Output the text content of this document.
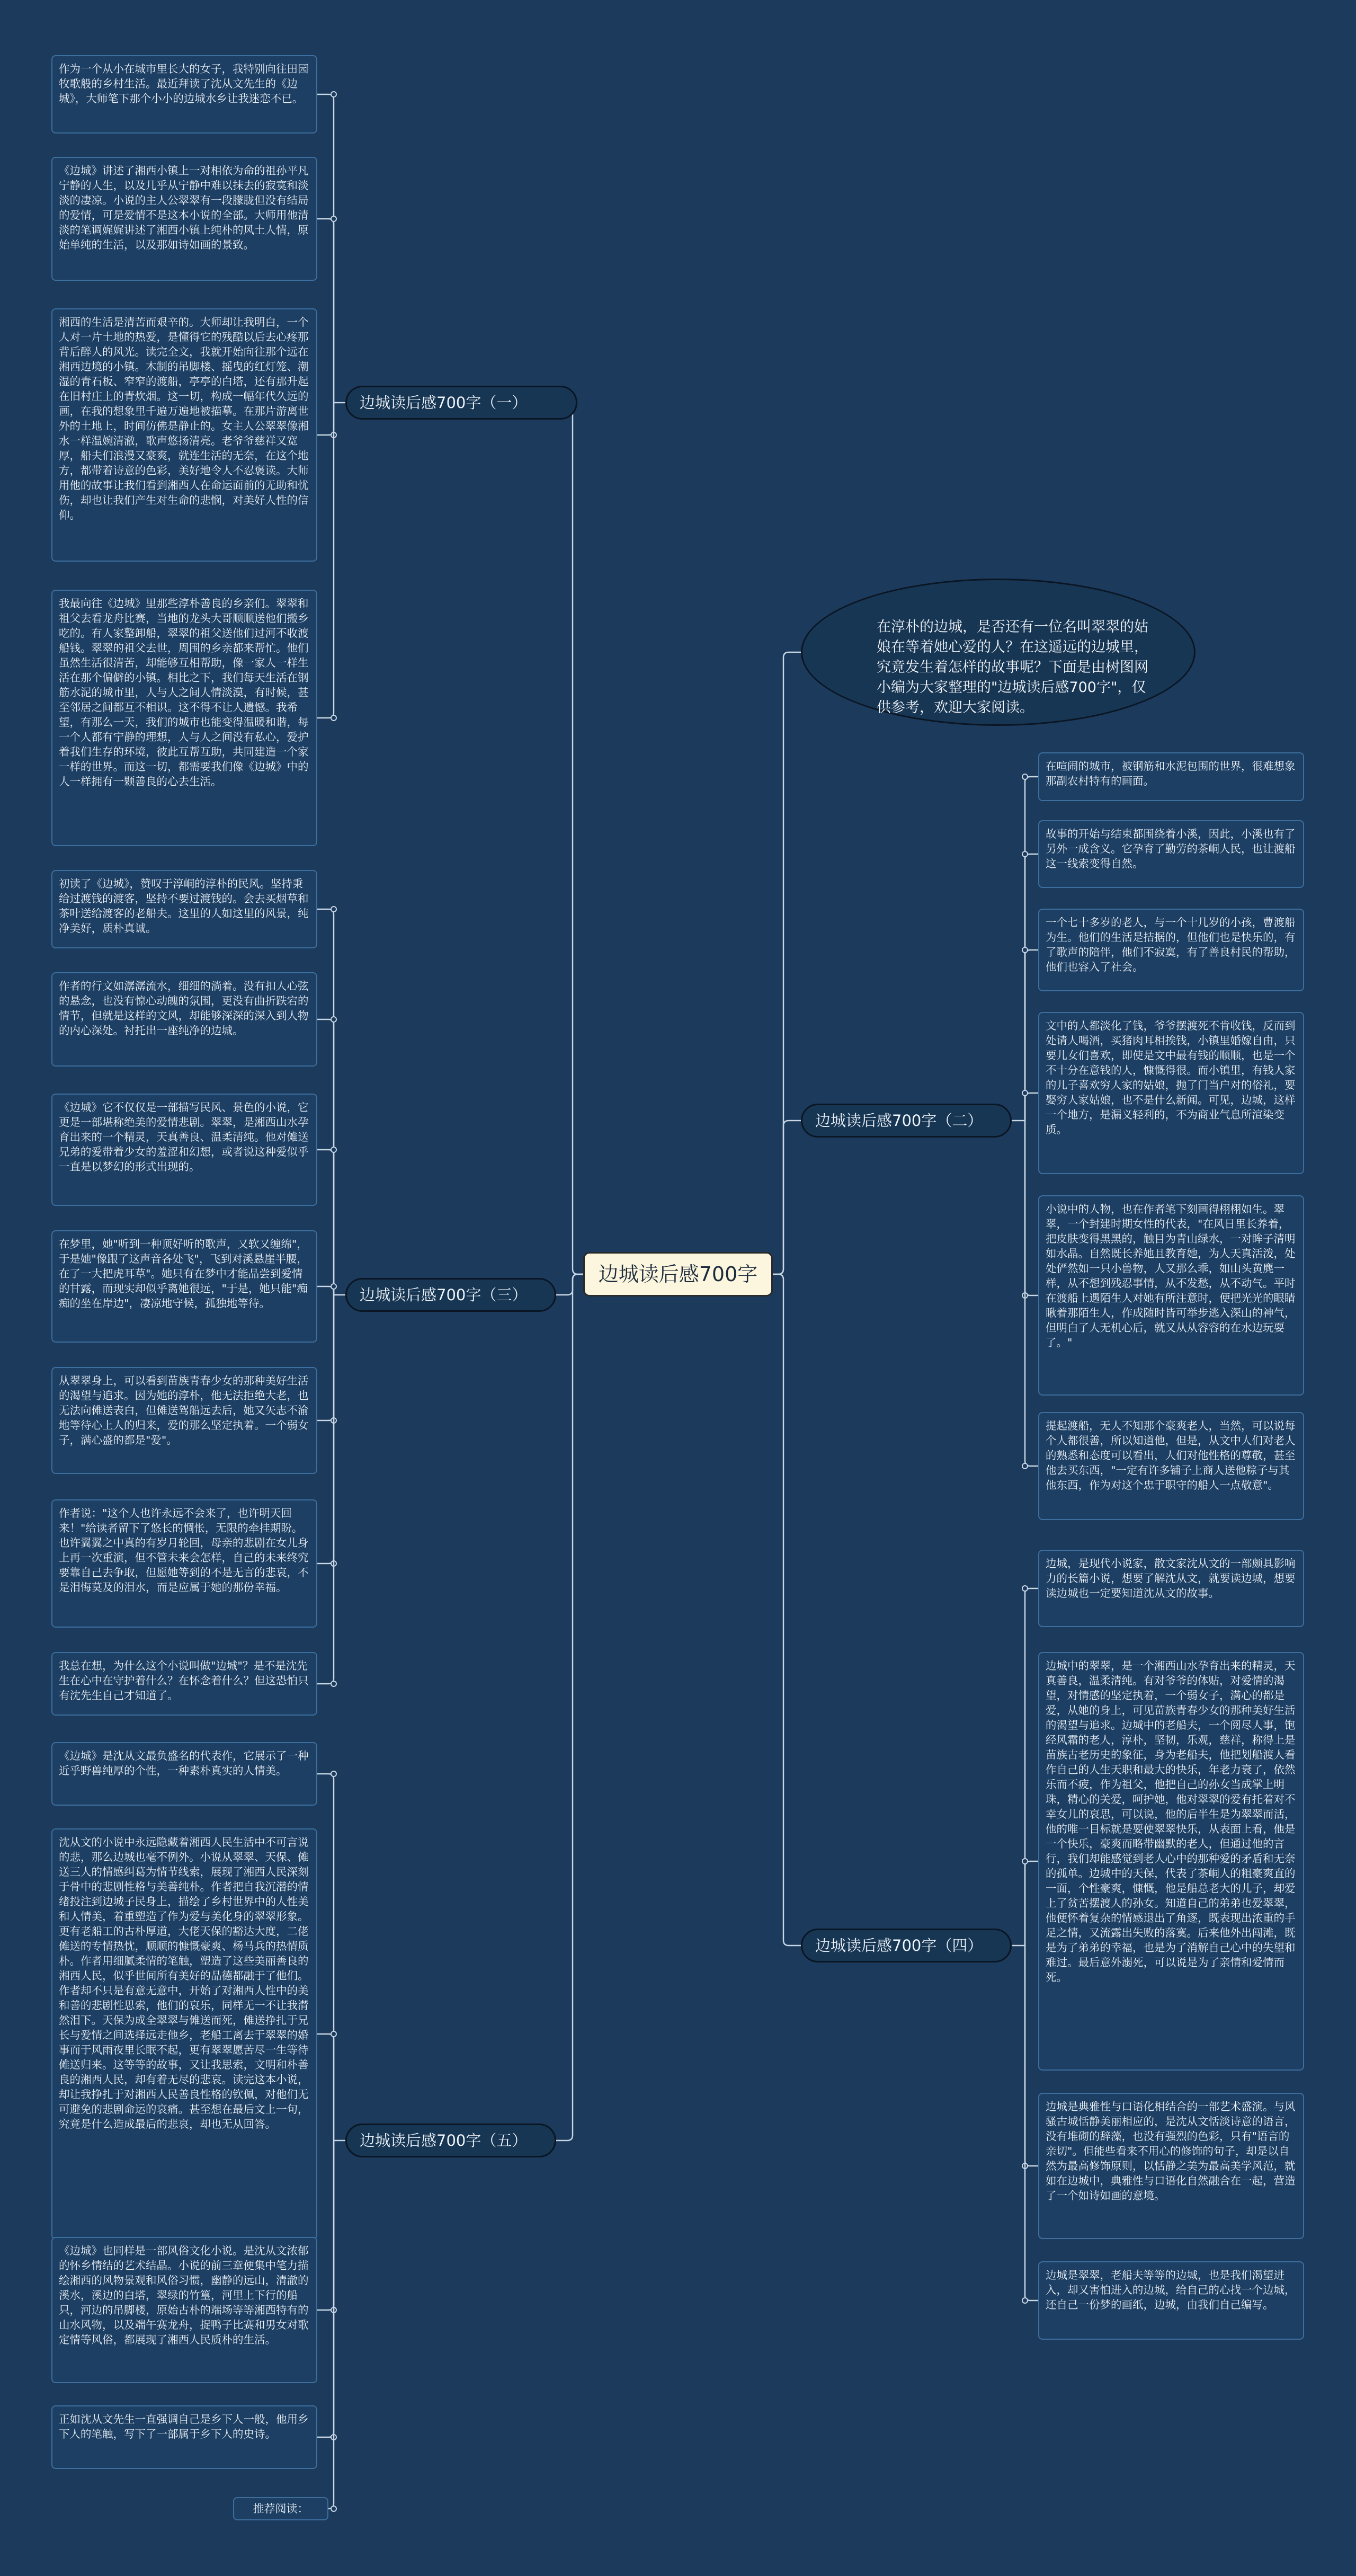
边城读后感700字
在淳朴的边城，是否还有一位名叫翠翠的姑娘在等着她心爱的人？在这遥远的边城里，究竟发生着怎样的故事呢？下面是由树图网小编为大家整理的"边城读后感700字"，仅供参考，欢迎大家阅读。
边城读后感700字（一）
边城读后感700字（二）
边城读后感700字（三）
边城读后感700字（四）
边城读后感700字（五）
作为一个从小在城市里长大的女子，我特别向往田园牧歌般的乡村生活。最近拜读了沈从文先生的《边城》，大师笔下那个小小的边城水乡让我迷恋不已。
《边城》讲述了湘西小镇上一对相依为命的祖孙平凡宁静的人生，以及几乎从宁静中难以抹去的寂寞和淡淡的凄凉。小说的主人公翠翠有一段朦胧但没有结局的爱情，可是爱情不是这本小说的全部。大师用他清淡的笔调娓娓讲述了湘西小镇上纯朴的风土人情，原始单纯的生活，以及那如诗如画的景致。
湘西的生活是清苦而艰辛的。大师却让我明白，一个人对一片土地的热爱，是懂得它的残酷以后去心疼那背后醉人的风光。读完全文，我就开始向往那个远在湘西边境的小镇。木制的吊脚楼、摇曳的红灯笼、潮湿的青石板、窄窄的渡船，亭亭的白塔，还有那升起在旧村庄上的青炊烟。这一切，构成一幅年代久远的画，在我的想象里千遍万遍地被描摹。在那片游离世外的土地上，时间仿佛是静止的。女主人公翠翠像湘水一样温婉清澈，歌声悠扬清亮。老爷爷慈祥又宽厚，船夫们浪漫又豪爽，就连生活的无奈，在这个地方，都带着诗意的色彩，美好地令人不忍褒读。大师用他的故事让我们看到湘西人在命运面前的无助和忧伤，却也让我们产生对生命的悲悯，对美好人性的信仰。
我最向往《边城》里那些淳朴善良的乡亲们。翠翠和祖父去看龙舟比赛，当地的龙头大哥顺顺送他们搬乡吃的。有人家整卸船，翠翠的祖父送他们过河不收渡船钱。翠翠的祖父去世，周围的乡亲都来帮忙。他们虽然生活很清苦，却能够互相帮助，像一家人一样生活在那个偏僻的小镇。相比之下，我们每天生活在钢筋水泥的城市里，人与人之间人情淡漠，有时候，甚至邻居之间都互不相识。这不得不让人遗憾。我希望，有那么一天，我们的城市也能变得温暖和谐，每一个人都有宁静的理想，人与人之间没有私心，爱护着我们生存的环境，彼此互帮互助，共同建造一个家一样的世界。而这一切，都需要我们像《边城》中的人一样拥有一颗善良的心去生活。
初读了《边城》，赞叹于淳峒的淳朴的民风。坚持秉给过渡钱的渡客，坚持不要过渡钱的。会去买烟草和茶叶送给渡客的老船夫。这里的人如这里的风景，纯净美好，质朴真诚。
作者的行文如潺潺流水，细细的淌着。没有扣人心弦的悬念，也没有惊心动魄的氛围，更没有曲折跌宕的情节，但就是这样的文风，却能够深深的深入到人物的内心深处。衬托出一座纯净的边城。
《边城》它不仅仅是一部描写民风、景色的小说，它更是一部堪称绝美的爱情悲剧。翠翠，是湘西山水孕育出来的一个精灵，天真善良、温柔清纯。他对傩送兄弟的爱带着少女的羞涩和幻想，或者说这种爱似乎一直是以梦幻的形式出现的。
在梦里，她"听到一种顶好听的歌声，又软又缠绵"，于是她"像跟了这声音各处飞"，飞到对溪悬崖半腰，在了一大把虎耳草"。她只有在梦中才能品尝到爱情的甘露，而现实却似乎离她很远，"于是，她只能"痴痴的坐在岸边"，凄凉地守候，孤独地等待。
从翠翠身上，可以看到苗族青春少女的那种美好生活的渴望与追求。因为她的淳朴，他无法拒绝大老，也无法向傩送表白，但傩送驾船远去后，她又矢志不渝地等待心上人的归来，爱的那么坚定执着。一个弱女子，满心盛的都是"爱"。
作者说："这个人也许永远不会来了，也许明天回来！"给读者留下了悠长的惆怅，无限的牵挂期盼。也许翼翼之中真的有岁月轮回，母亲的悲剧在女儿身上再一次重演，但不管未来会怎样，自己的未来终究要靠自己去争取，但愿她等到的不是无言的悲哀，不是泪悔莫及的泪水，而是应属于她的那份幸福。
我总在想，为什么这个小说叫做"边城"？是不是沈先生在心中在守护着什么？在怀念着什么？但这恐怕只有沈先生自己才知道了。
《边城》是沈从文最负盛名的代表作，它展示了一种近乎野兽纯厚的个性，一种素朴真实的人情美。
沈从文的小说中永远隐藏着湘西人民生活中不可言说的悲，那么边城也毫不例外。小说从翠翠、天保、傩送三人的情感纠葛为情节线索，展现了湘西人民深刻于骨中的悲剧性格与美善纯朴。作者把自我沉潜的情绪投注到边城子民身上，描绘了乡村世界中的人性美和人情美，着重塑造了作为爱与美化身的翠翠形象。更有老船工的古朴厚道，大佬天保的豁达大度，二佬傩送的专情热忱，顺顺的慷慨豪爽、杨马兵的热情质朴。作者用细腻柔情的笔触，塑造了这些美丽善良的湘西人民，似乎世间所有美好的品德都融于了他们。作者却不只是有意无意中，开始了对湘西人性中的美和善的悲剧性思索，他们的哀乐，同样无一不让我潸然泪下。天保为成全翠翠与傩送而死，傩送挣扎于兄长与爱情之间选择远走他乡，老船工离去于翠翠的婚事而于风雨夜里长眠不起，更有翠翠愿苦尽一生等待傩送归来。这等等的故事，又让我思索，文明和朴善良的湘西人民，却有着无尽的悲哀。读完这本小说，却让我挣扎于对湘西人民善良性格的钦佩，对他们无可避免的悲剧命运的哀痛。甚至想在最后文上一句，究竟是什么造成最后的悲哀，却也无从回答。
《边城》也同样是一部风俗文化小说。是沈从文浓郁的怀乡情结的艺术结晶。小说的前三章便集中笔力描绘湘西的风物景观和风俗习惯，幽静的远山，清澈的溪水，溪边的白塔，翠绿的竹篁，河里上下行的船只，河边的吊脚楼，原始古朴的端场等等湘西特有的山水风物，以及端午赛龙舟，捉鸭子比赛和男女对歌定情等风俗，都展现了湘西人民质朴的生活。
正如沈从文先生一直强调自己是乡下人一般，他用乡下人的笔触，写下了一部属于乡下人的史诗。
推荐阅读：
在喧闹的城市，被钢筋和水泥包围的世界，很难想象那副农村特有的画面。
故事的开始与结束都围绕着小溪，因此，小溪也有了另外一成含义。它孕育了勤劳的茶峒人民，也让渡船这一线索变得自然。
一个七十多岁的老人，与一个十几岁的小孩，曹渡船为生。他们的生活是拮据的，但他们也是快乐的，有了歌声的陪伴，他们不寂寞，有了善良村民的帮助，他们也容入了社会。
文中的人都淡化了钱，爷爷摆渡死不肯收钱，反而到处请人喝酒，买猪肉耳相挨钱，小镇里婚嫁自由，只要儿女们喜欢，即使是文中最有钱的顺顺，也是一个不十分在意钱的人，慷慨得很。而小镇里，有钱人家的儿子喜欢穷人家的姑娘，抛了门当户对的俗礼，要娶穷人家姑娘，也不是什么新闻。可见，边城，这样一个地方，是漏义轻利的，不为商业气息所渲染变质。
小说中的人物，也在作者笔下刻画得栩栩如生。翠翠，一个封建时期女性的代表，"在风日里长养着，把皮肤变得黑黑的，触目为青山绿水，一对眸子清明如水晶。自然既长养她且教育她，为人天真活泼，处处俨然如一只小兽物，人又那么乖，如山头黄麂一样，从不想到残忍事情，从不发愁，从不动气。平时在渡船上遇陌生人对她有所注意时，便把光光的眼睛瞅着那陌生人，作成随时皆可举步逃入深山的神气，但明白了人无机心后，就又从从容容的在水边玩耍了。"
提起渡船，无人不知那个豪爽老人，当然，可以说每个人都很善，所以知道他，但是，从文中人们对老人的熟悉和态度可以看出，人们对他性格的尊敬，甚至他去买东西，"一定有许多铺子上商人送他粽子与其他东西，作为对这个忠于职守的船人一点敬意"。
边城，是现代小说家，散文家沈从文的一部颇具影响力的长篇小说，想要了解沈从文，就要读边城，想要读边城也一定要知道沈从文的故事。
边城中的翠翠，是一个湘西山水孕育出来的精灵，天真善良，温柔清纯。有对爷爷的体贴，对爱情的渴望，对情感的坚定执着，一个弱女子，满心的都是爱，从她的身上，可见苗族青春少女的那种美好生活的渴望与追求。边城中的老船夫，一个阅尽人事，饱经风霜的老人，淳朴，坚韧，乐观，慈祥，称得上是苗族古老历史的象征，身为老船夫，他把划船渡人看作自己的人生天职和最大的快乐，年老力衰了，依然乐而不疲，作为祖父，他把自己的孙女当成掌上明珠，精心的关爱，呵护她，他对翠翠的爱有托着对不幸女儿的哀思，可以说，他的后半生是为翠翠而活，他的唯一目标就是要使翠翠快乐，从表面上看，他是一个快乐，豪爽而略带幽默的老人，但通过他的言行，我们却能感觉到老人心中的那种爱的矛盾和无奈的孤单。边城中的天保，代表了茶峒人的粗豪爽直的一面，个性豪爽，慷慨，他是船总老大的儿子，却爱上了贫苦摆渡人的孙女。知道自己的弟弟也爱翠翠，他便怀着复杂的情感退出了角逐，既表现出浓重的手足之情，又流露出失败的落寞。后来他外出闯滩，既是为了弟弟的幸福，也是为了消解自己心中的失望和难过。最后意外溺死，可以说是为了亲情和爱情而死。
边城是典雅性与口语化相结合的一部艺术盛演。与风骚古城恬静美丽相应的，是沈从文恬淡诗意的语言，没有堆砌的辞藻，也没有强烈的色彩，只有"语言的亲切"。但能些看来不用心的修饰的句子，却是以自然为最高修饰原则，以恬静之美为最高美学风范，就如在边城中，典雅性与口语化自然融合在一起，营造了一个如诗如画的意境。
边城是翠翠，老船夫等等的边城，也是我们渴望进入，却又害怕进入的边城，给自己的心找一个边城，还自己一份梦的画纸，边城，由我们自己编写。
